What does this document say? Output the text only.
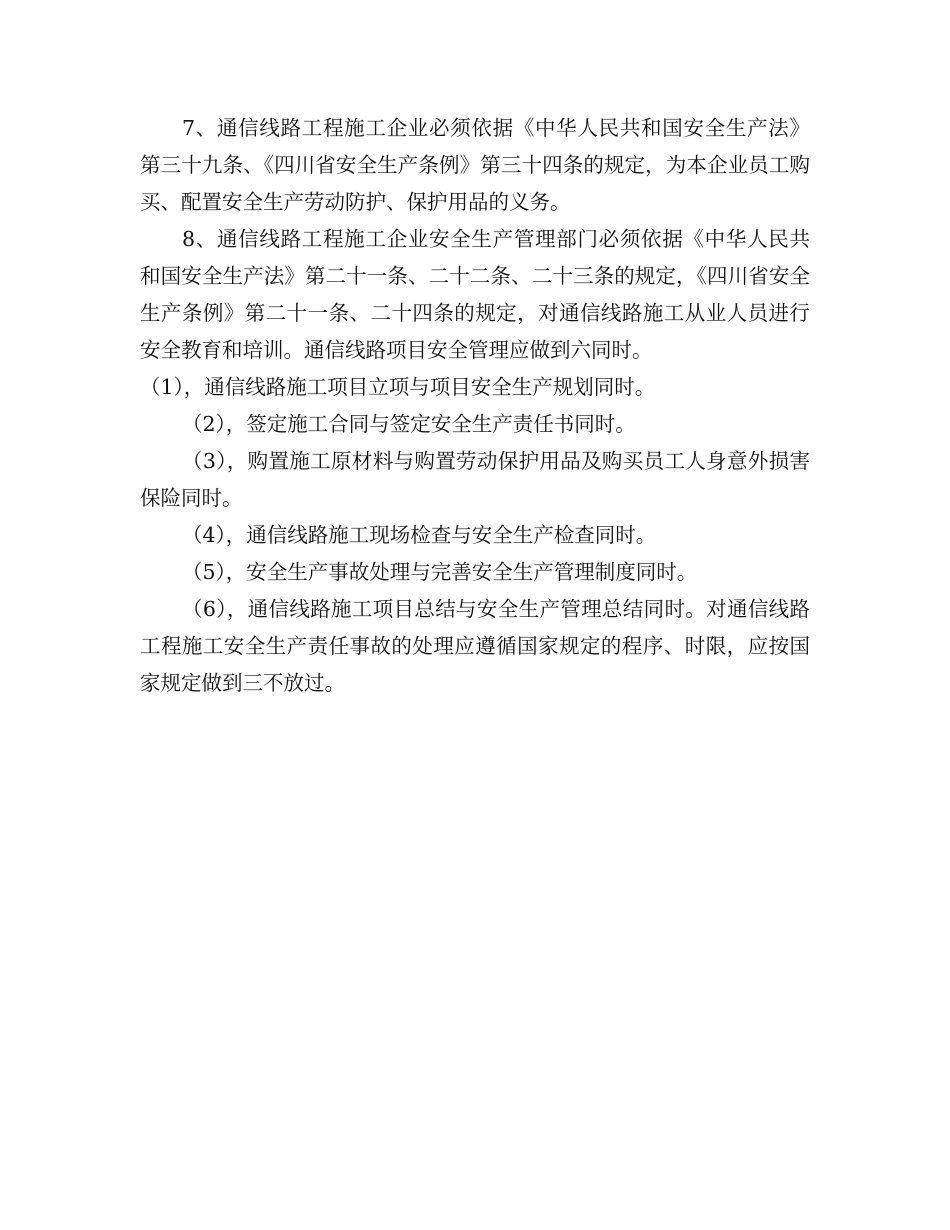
7、通信线路工程施工企业必须依据《中华人民共和国安全生产法》第三十九条、《四川省安全生产条例》第三十四条的规定，为本企业员工购买、配置安全生产劳动防护、保护用品的义务。

8、通信线路工程施工企业安全生产管理部门必须依据《中华人民共和国安全生产法》第二十一条、二十二条、二十三条的规定，《四川省安全生产条例》第二十一条、二十四条的规定，对通信线路施工从业人员进行安全教育和培训。通信线路项目安全管理应做到六同时。

（1），通信线路施工项目立项与项目安全生产规划同时。

（2），签定施工合同与签定安全生产责任书同时。

（3），购置施工原材料与购置劳动保护用品及购买员工人身意外损害保险同时。

（4），通信线路施工现场检查与安全生产检查同时。

（5），安全生产事故处理与完善安全生产管理制度同时。

（6），通信线路施工项目总结与安全生产管理总结同时。对通信线路工程施工安全生产责任事故的处理应遵循国家规定的程序、时限，应按国家规定做到三不放过。
